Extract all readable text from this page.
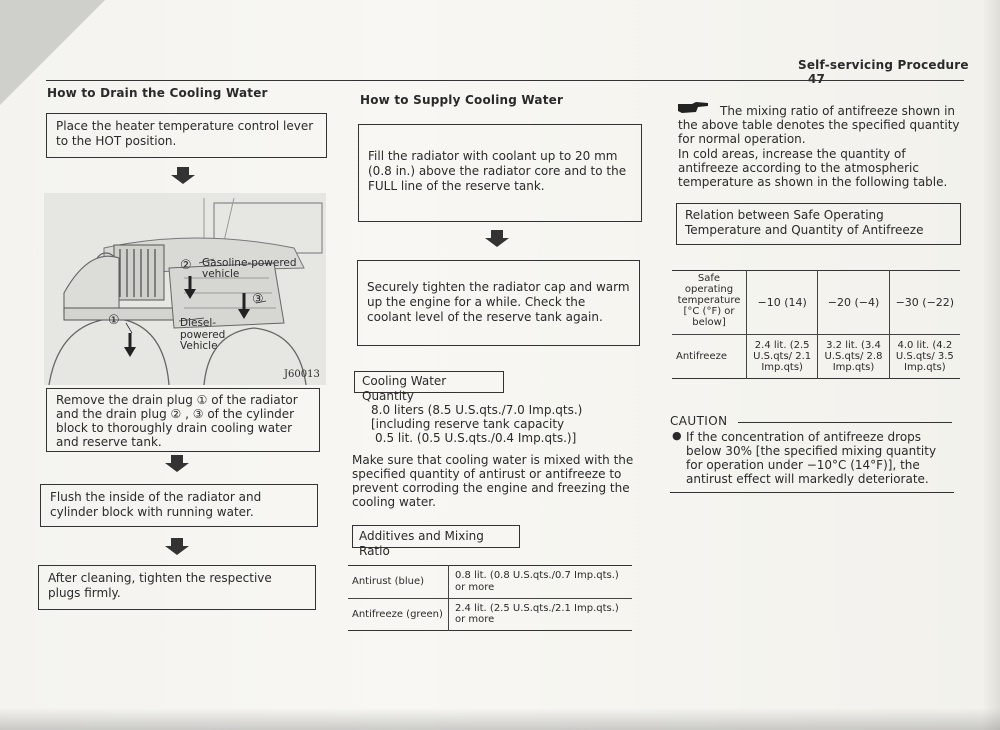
Self-servicing Procedure 47
How to Drain the Cooling Water
Place the heater temperature control lever to the HOT position.
② Gasoline-powered vehicle
③
①	Diesel-powered Vehicle
J60013
Remove the drain plug ① of the radiator and the drain plug ② , ③ of the cylinder block to thoroughly drain cooling water and reserve tank.
Flush the inside of the radiator and cylinder block with running water.
After cleaning, tighten the respective plugs firmly.
How to Supply Cooling Water
Fill the radiator with coolant up to 20 mm (0.8 in.) above the radiator core and to the FULL line of the reserve tank.
Securely tighten the radiator cap and warm up the engine for a while. Check the coolant level of the reserve tank again.
Cooling Water Quantity
8.0 liters (8.5 U.S.qts./7.0 Imp.qts.)
[including reserve tank capacity
0.5 lit. (0.5 U.S.qts./0.4 Imp.qts.)]
Make sure that cooling water is mixed with the specified quantity of antirust or antifreeze to prevent corroding the engine and freezing the cooling water.
Additives and Mixing Ratio
Antirust (blue)	0.8 lit. (0.8 U.S.qts./0.7 Imp.qts.) or more
Antifreeze (green)	2.4 lit. (2.5 U.S.qts./2.1 Imp.qts.) or more
The mixing ratio of antifreeze shown in the above table denotes the specified quantity for normal operation.
In cold areas, increase the quantity of antifreeze according to the atmospheric temperature as shown in the following table.
Relation between Safe Operating Temperature and Quantity of Antifreeze
Safe operating temperature [°C (°F) or below]	−10 (14)	−20 (−4)	−30 (−22)
Antifreeze	2.4 lit. (2.5 U.S.qts/ 2.1 Imp.qts)	3.2 lit. (3.4 U.S.qts/ 2.8 Imp.qts)	4.0 lit. (4.2 U.S.qts/ 3.5 Imp.qts)
CAUTION
● If the concentration of antifreeze drops below 30% [the specified mixing quantity for operation under −10°C (14°F)], the antirust effect will markedly deteriorate.
